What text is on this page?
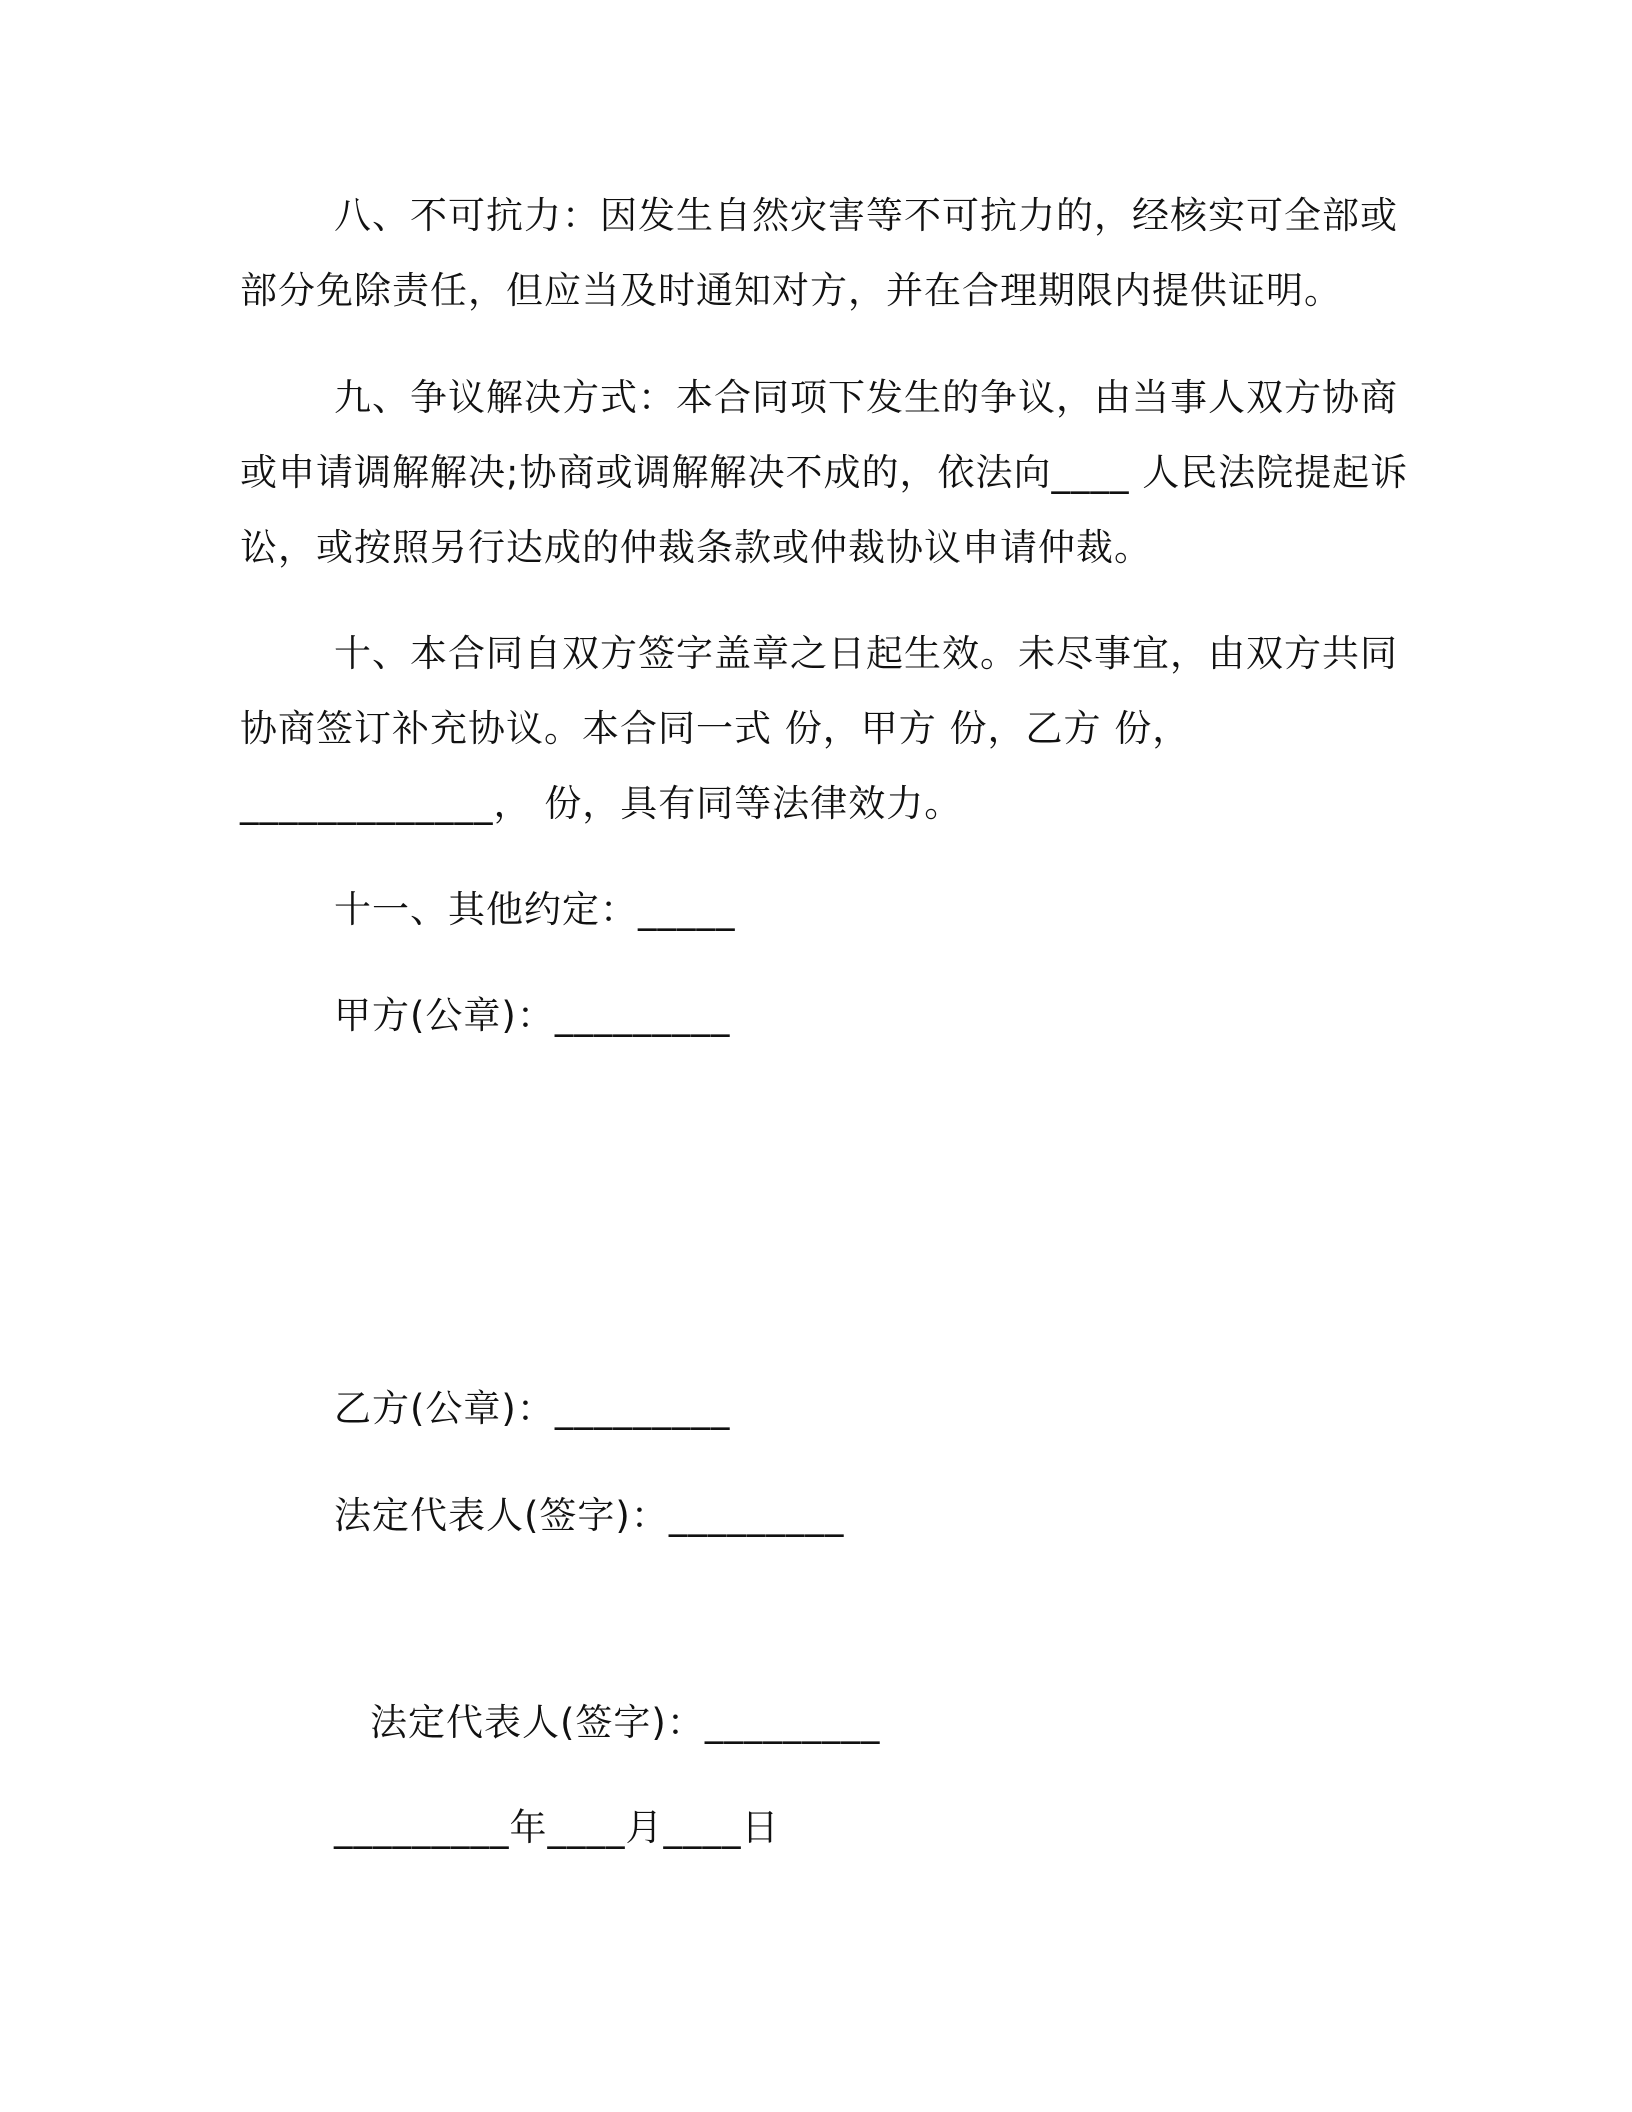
八、不可抗力：因发生自然灾害等不可抗力的，经核实可全部或
部分免除责任，但应当及时通知对方，并在合理期限内提供证明。
九、争议解决方式：本合同项下发生的争议，由当事人双方协商
或申请调解解决;协商或调解解决不成的，依法向____ 人民法院提起诉
讼，或按照另行达成的仲裁条款或仲裁协议申请仲裁。
十、本合同自双方签字盖章之日起生效。未尽事宜，由双方共同
协商签订补充协议。本合同一式 份，甲方 份，乙方 份，
_____________， 份，具有同等法律效力。
十一、其他约定：_____
甲方(公章)：_________
乙方(公章)：_________
法定代表人(签字)：_________
法定代表人(签字)：_________
_________年____月____日
